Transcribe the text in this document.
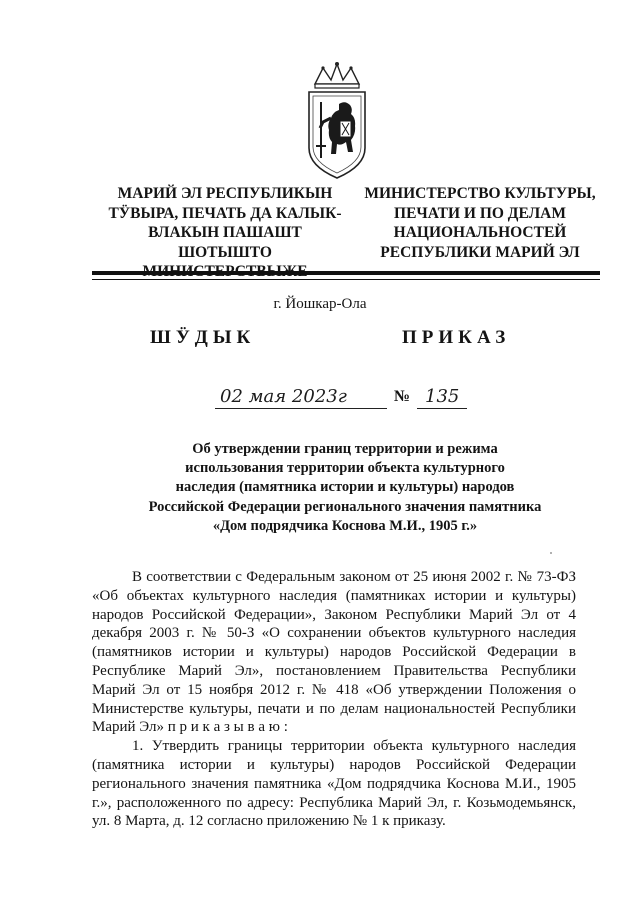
МАРИЙ ЭЛ РЕСПУБЛИКЫН
ТӰВЫРА, ПЕЧАТЬ ДА КАЛЫК-
ВЛАКЫН ПАШАШТ ШОТЫШТО
МИНИСТЕРСТВО КУЛЬТУРЫ,
ПЕЧАТИ И ПО ДЕЛАМ
НАЦИОНАЛЬНОСТЕЙ
РЕСПУБЛИКИ МАРИЙ ЭЛ
г. Йошкар-Ола
ШӰДЫК	ПРИКАЗ
02 мая 2023г	№ 135
Об утверждении границ территории и режима
использования территории объекта культурного
наследия (памятника истории и культуры) народов
Российской Федерации регионального значения памятника
«Дом подрядчика Коснова М.И., 1905 г.»

В соответствии с Федеральным законом от 25 июня 2002 г. № 73-ФЗ «Об объектах культурного наследия (памятниках истории и культуры) народов Российской Федерации», Законом Республики Марий Эл от 4 декабря 2003 г. № 50-З «О сохранении объектов культурного наследия (памятников истории и культуры) народов Российской Федерации в Республике Марий Эл», постановлением Правительства Республики Марий Эл от 15 ноября 2012 г. № 418 «Об утверждении Положения о Министерстве культуры, печати и по делам национальностей Республики Марий Эл» п р и к а з ы в а ю :

1. Утвердить границы территории объекта культурного наследия (памятника истории и культуры) народов Российской Федерации регионального значения памятника «Дом подрядчика Коснова М.И., 1905 г.», расположенного по адресу: Республика Марий Эл, г. Козьмодемьянск, ул. 8 Марта, д. 12 согласно приложению № 1 к приказу.
